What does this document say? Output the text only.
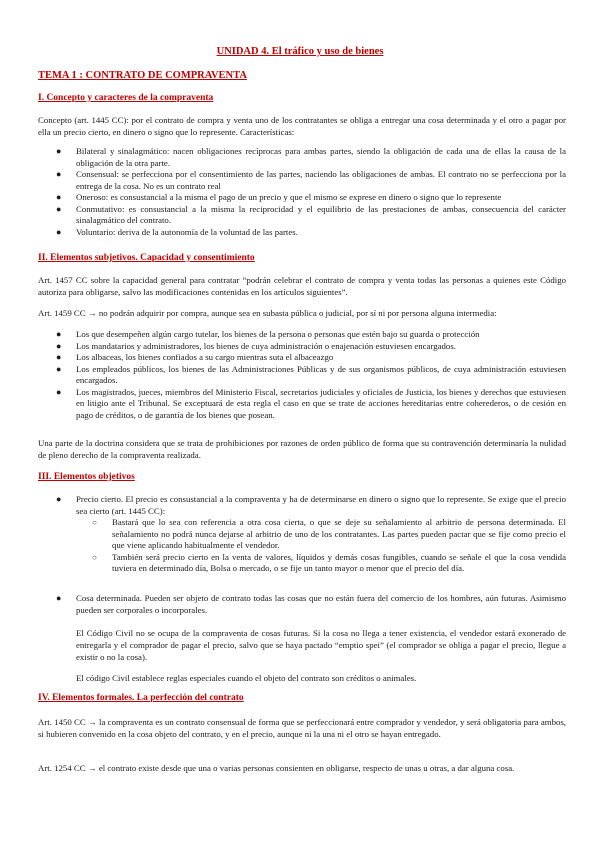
UNIDAD 4. El tráfico y uso de bienes
TEMA 1 : CONTRATO DE COMPRAVENTA
I. Concepto y caracteres de la compraventa
Concepto (art. 1445 CC): por el contrato de compra y venta uno de los contratantes se obliga a entregar una cosa determinada y el otro a pagar por ella un precio cierto, en dinero o signo que lo represente. Características:
● Bilateral y sinalagmático: nacen obligaciones recíprocas para ambas partes, siendo la obligación de cada una de ellas la causa de la obligación de la otra parte.
● Consensual: se perfecciona por el consentimiento de las partes, naciendo las obligaciones de ambas. El contrato no se perfecciona por la entrega de la cosa. No es un contrato real
● Oneroso: es consustancial a la misma el pago de un precio y que el mismo se exprese en dinero o signo que lo represente
● Conmutativo: es consustancial a la misma la reciprocidad y el equilibrio de las prestaciones de ambas, consecuencia del carácter sinalagmático del contrato.
● Voluntario: deriva de la autonomía de la voluntad de las partes.
II. Elementos subjetivos. Capacidad y consentimiento
Art. 1457 CC sobre la capacidad general para contratar “podrán celebrar el contrato de compra y venta todas las personas a quienes este Código autoriza para obligarse, salvo las modificaciones contenidas en los artículos siguientes”.
Art. 1459 CC → no podrán adquirir por compra, aunque sea en subasta pública o judicial, por sí ni por persona alguna intermedia:
● Los que desempeñen algún cargo tutelar, los bienes de la persona o personas que estén bajo su guarda o protección
● Los mandatarios y administradores, los bienes de cuya administración o enajenación estuviesen encargados.
● Los albaceas, los bienes confiados a su cargo mientras suta el albaceazgo
● Los empleados públicos, los bienes de las Administraciones Públicas y de sus organismos públicos, de cuya administración estuviesen encargados.
● Los magistrados, jueces, miembros del Ministerio Fiscal, secretarios judiciales y oficiales de Justicia, los bienes y derechos que estuviesen en litigio ante el Tribunal. Se exceptuará de esta regla el caso en que se trate de acciones hereditarias entre coherederos, o de cesión en pago de créditos, o de garantía de los bienes que posean.
Una parte de la doctrina considera que se trata de prohibiciones por razones de orden público de forma que su contravención determinaría la nulidad de pleno derecho de la compraventa realizada.
III. Elementos objetivos
● Precio cierto. El precio es consustancial a la compraventa y ha de determinarse en dinero o signo que lo represente. Se exige que el precio sea cierto (art. 1445 CC):
○ Bastará que lo sea con referencia a otra cosa cierta, o que se deje su señalamiento al arbitrio de persona determinada. El señalamiento no podrá nunca dejarse al arbitrio de uno de los contratantes. Las partes pueden pactar que se fije como precio el que viene aplicando habitualmente el vendedor.
○ También será precio cierto en la venta de valores, líquidos y demás cosas fungibles, cuando se señale el que la cosa vendida tuviera en determinado día, Bolsa o mercado, o se fije un tanto mayor o menor que el precio del día.
● Cosa determinada. Pueden ser objeto de contrato todas las cosas que no están fuera del comercio de los hombres, aún futuras. Asimismo pueden ser corporales o incorporales.
El Código Civil no se ocupa de la compraventa de cosas futuras. Si la cosa no llega a tener existencia, el vendedor estará exonerado de entregarla y el comprador de pagar el precio, salvo que se haya pactado “emptio spei” (el comprador se obliga a pagar el precio, llegue a existir o no la cosa).
El código Civil establece reglas especiales cuando el objeto del contrato son créditos o animales.
IV. Elementos formales. La perfección del contrato
Art. 1450 CC → la compraventa es un contrato consensual de forma que se perfeccionará entre comprador y vendedor, y será obligatoria para ambos, si hubieren convenido en la cosa objeto del contrato, y en el precio, aunque ni la una ni el otro se hayan entregado.
Art. 1254 CC → el contrato existe desde que una o varias personas consienten en obligarse, respecto de unas u otras, a dar alguna cosa.
